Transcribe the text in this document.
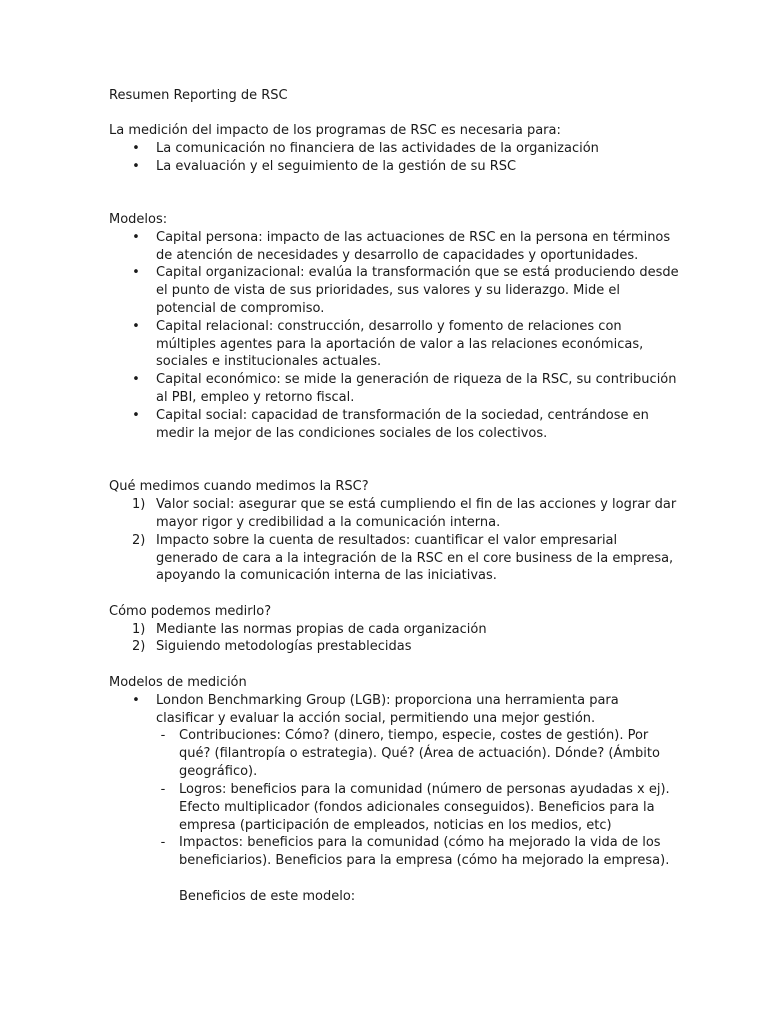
Resumen Reporting de RSC
La medición del impacto de los programas de RSC es necesaria para:
• La comunicación no financiera de las actividades de la organización
• La evaluación y el seguimiento de la gestión de su RSC
Modelos:
• Capital persona: impacto de las actuaciones de RSC en la persona en términos
de atención de necesidades y desarrollo de capacidades y oportunidades.
• Capital organizacional: evalúa la transformación que se está produciendo desde
el punto de vista de sus prioridades, sus valores y su liderazgo. Mide el
potencial de compromiso.
• Capital relacional: construcción, desarrollo y fomento de relaciones con
múltiples agentes para la aportación de valor a las relaciones económicas,
sociales e institucionales actuales.
• Capital económico: se mide la generación de riqueza de la RSC, su contribución
al PBI, empleo y retorno fiscal.
• Capital social: capacidad de transformación de la sociedad, centrándose en
medir la mejor de las condiciones sociales de los colectivos.
Qué medimos cuando medimos la RSC?
1) Valor social: asegurar que se está cumpliendo el fin de las acciones y lograr dar
mayor rigor y credibilidad a la comunicación interna.
2) Impacto sobre la cuenta de resultados: cuantificar el valor empresarial
generado de cara a la integración de la RSC en el core business de la empresa,
apoyando la comunicación interna de las iniciativas.
Cómo podemos medirlo?
1) Mediante las normas propias de cada organización
2) Siguiendo metodologías prestablecidas
Modelos de medición
• London Benchmarking Group (LGB): proporciona una herramienta para
clasificar y evaluar la acción social, permitiendo una mejor gestión.
- Contribuciones: Cómo? (dinero, tiempo, especie, costes de gestión). Por
qué? (filantropía o estrategia). Qué? (Área de actuación). Dónde? (Ámbito
geográfico).
- Logros: beneficios para la comunidad (número de personas ayudadas x ej).
Efecto multiplicador (fondos adicionales conseguidos). Beneficios para la
empresa (participación de empleados, noticias en los medios, etc)
- Impactos: beneficios para la comunidad (cómo ha mejorado la vida de los
beneficiarios). Beneficios para la empresa (cómo ha mejorado la empresa).
Beneficios de este modelo:
